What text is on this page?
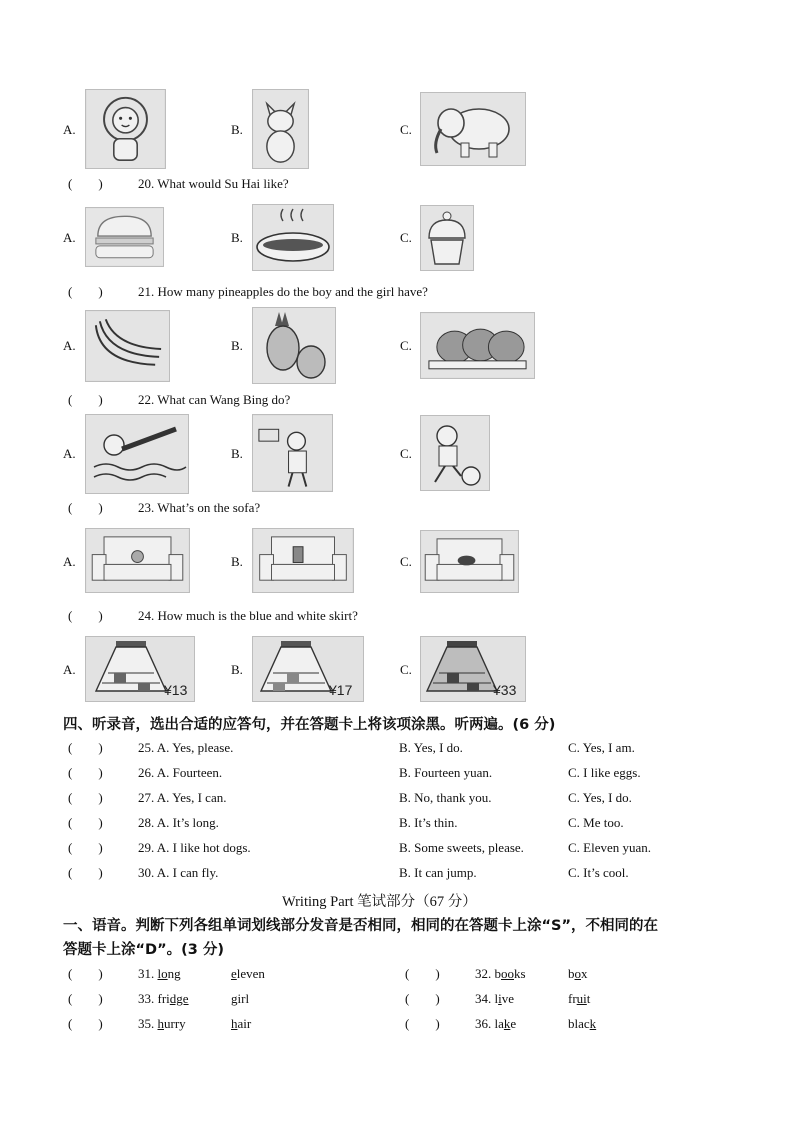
A.	B.	C.
( )	20. What would Su Hai like?
A.	B.	C.
( )	21. How many pineapples do the boy and the girl have?
A.	B.	C.
( )	22. What can Wang Bing do?
A.	B.	C.
( )	23. What’s on the sofa?
A.	B.	C.
( )	24. How much is the blue and white skirt?
A.
¥13
B.
¥17
C.
¥33
四、听录音，选出合适的应答句，并在答题卡上将该项涂黑。听两遍。(6 分)
( )	25. A. Yes, please.	B. Yes, I do.	C. Yes, I am.
( )	26. A. Fourteen.	B. Fourteen yuan.	C. I like eggs.
( )	27. A. Yes, I can.	B. No, thank you.	C. Yes, I do.
( )	28. A. It’s long.	B. It’s thin.	C. Me too.
( )	29. A. I like hot dogs.	B. Some sweets, please.	C. Eleven yuan.
( )	30. A. I can fly.	B. It can jump.	C. It’s cool.
Writing Part 笔试部分（67 分）
一、语音。判断下列各组单词划线部分发音是否相同，相同的在答题卡上涂“S”，不相同的在
答题卡上涂“D”。(3 分)
( )	31. long	eleven	( )	32. books	box
( )	33. fridge	girl	( )	34. live	fruit
( )	35. hurry	hair	( )	36. lake	black
